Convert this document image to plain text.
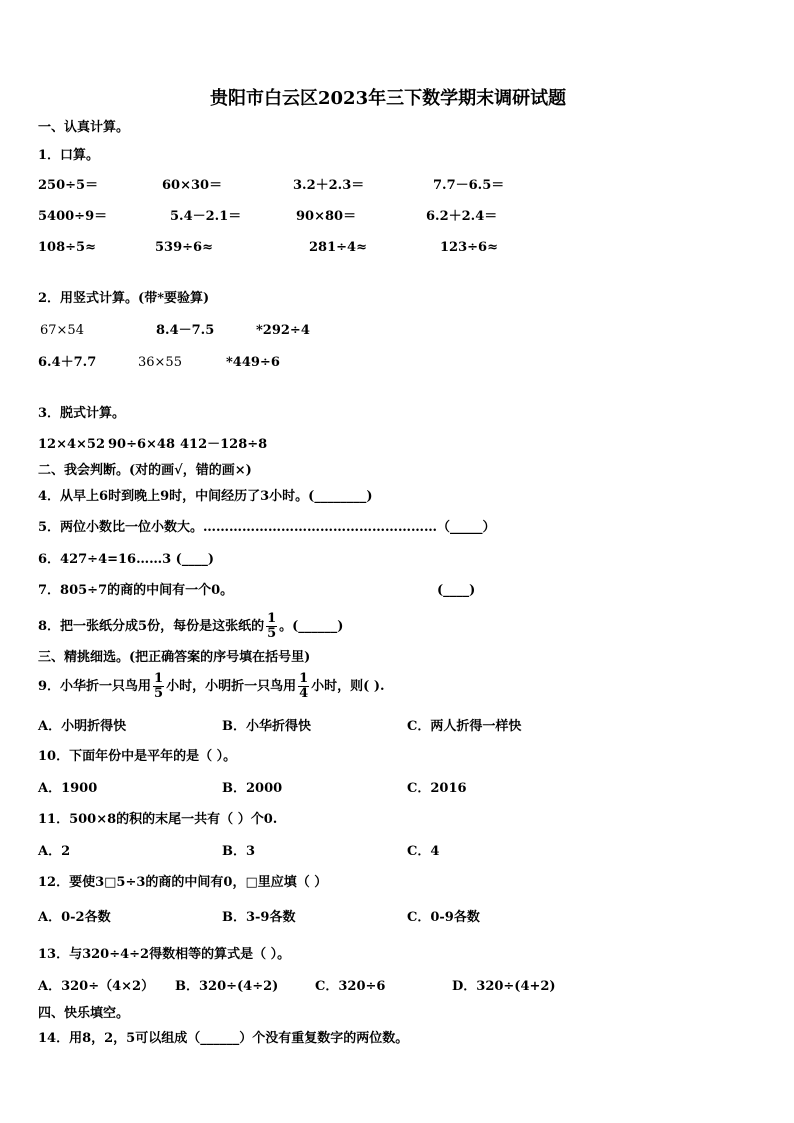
贵阳市白云区2023年三下数学期末调研试题
一、认真计算。
1．口算。
250÷5＝	60×30＝	3.2＋2.3＝	7.7－6.5＝
5400÷9＝	5.4－2.1＝	90×80＝	6.2＋2.4＝
108÷5≈	539÷6≈	281÷4≈	123÷6≈
2．用竖式计算。(带*要验算)
67×54	8.4－7.5	*292÷4
6.4＋7.7	36×55	*449÷6
3．脱式计算。
12×4×52 90÷6×48 412－128÷8
二、我会判断。(对的画√，错的画×)
4．从早上6时到晚上9时，中间经历了3小时。(________)
5．两位小数比一位小数大。………………………………………………（_____）
6．427÷4=16……3 (____)
7．805÷7的商的中间有一个0。	(____)
8．把一张纸分成5份，每份是这张纸的 $\frac{1}{5}$ 。(______)
三、精挑细选。(把正确答案的序号填在括号里)
9．小华折一只鸟用 $\frac{1}{5}$ 小时，小明折一只鸟用 $\frac{1}{4}$ 小时，则( ).
A．小明折得快	B．小华折得快	C．两人折得一样快
10．下面年份中是平年的是（ ）。
A．1900	B．2000	C．2016
11．500×8的积的末尾一共有（ ）个0.
A．2	B．3	C．4
12．要使3□5÷3的商的中间有0，□里应填（ ）
A．0-2各数	B．3-9各数	C．0-9各数
13．与320÷4÷2得数相等的算式是（ ）。
A．320÷（4×2） B．320÷(4÷2)	C．320÷6	D．320÷(4+2)
四、快乐填空。
14．用8，2，5可以组成（______）个没有重复数字的两位数。
